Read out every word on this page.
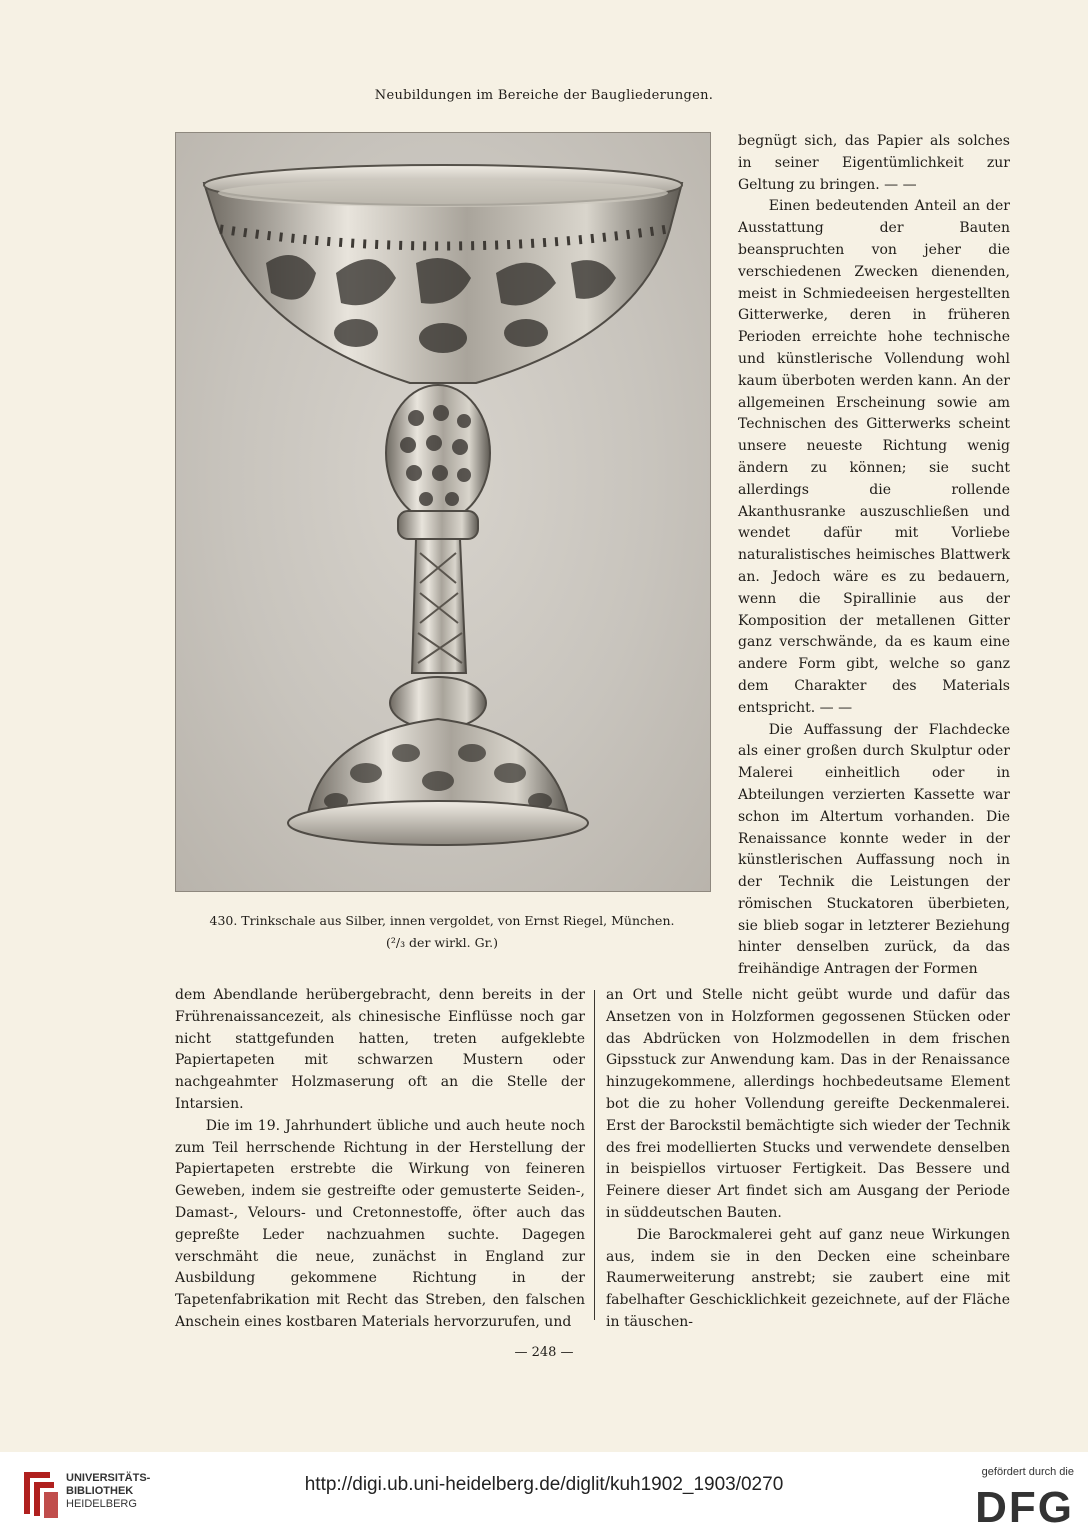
Neubildungen im Bereiche der Baugliederungen.
430. Trinkschale aus Silber, innen vergoldet, von Ernst Riegel, München.
(²/₃ der wirkl. Gr.)

begnügt sich, das Papier als solches in seiner Eigentümlichkeit zur Geltung zu bringen. — —

Einen bedeutenden Anteil an der Ausstattung der Bauten beanspruchten von jeher die verschiedenen Zwecken dienenden, meist in Schmiedeeisen hergestellten Gitterwerke, deren in früheren Perioden erreichte hohe technische und künstlerische Vollendung wohl kaum überboten werden kann. An der allgemeinen Erscheinung sowie am Technischen des Gitterwerks scheint unsere neueste Richtung wenig ändern zu können; sie sucht allerdings die rollende Akanthusranke auszuschließen und wendet dafür mit Vorliebe naturalistisches heimisches Blattwerk an. Jedoch wäre es zu bedauern, wenn die Spirallinie aus der Komposition der metallenen Gitter ganz verschwände, da es kaum eine andere Form gibt, welche so ganz dem Charakter des Materials entspricht. — —

Die Auffassung der Flachdecke als einer großen durch Skulptur oder Malerei einheitlich oder in Abteilungen verzierten Kassette war schon im Altertum vorhanden. Die Renaissance konnte weder in der künstlerischen Auffassung noch in der Technik die Leistungen der römischen Stuckatoren überbieten, sie blieb sogar in letzterer Beziehung hinter denselben zurück, da das freihändige Antragen der Formen

dem Abendlande herübergebracht, denn bereits in der Frührenaissancezeit, als chinesische Einflüsse noch gar nicht stattgefunden hatten, treten aufgeklebte Papiertapeten mit schwarzen Mustern oder nachgeahmter Holzmaserung oft an die Stelle der Intarsien.

Die im 19. Jahrhundert übliche und auch heute noch zum Teil herrschende Richtung in der Herstellung der Papiertapeten erstrebte die Wirkung von feineren Geweben, indem sie gestreifte oder gemusterte Seiden-, Damast-, Velours- und Cretonnestoffe, öfter auch das gepreßte Leder nachzuahmen suchte. Dagegen verschmäht die neue, zunächst in England zur Ausbildung gekommene Richtung in der Tapetenfabrikation mit Recht das Streben, den falschen Anschein eines kostbaren Materials hervorzurufen, und

an Ort und Stelle nicht geübt wurde und dafür das Ansetzen von in Holzformen gegossenen Stücken oder das Abdrücken von Holzmodellen in dem frischen Gipsstuck zur Anwendung kam. Das in der Renaissance hinzugekommene, allerdings hochbedeutsame Element bot die zu hoher Vollendung gereifte Deckenmalerei. Erst der Barockstil bemächtigte sich wieder der Technik des frei modellierten Stucks und verwendete denselben in beispiellos virtuoser Fertigkeit. Das Bessere und Feinere dieser Art findet sich am Ausgang der Periode in süddeutschen Bauten.

Die Barockmalerei geht auf ganz neue Wirkungen aus, indem sie in den Decken eine scheinbare Raumerweiterung anstrebt; sie zaubert eine mit fabelhafter Geschicklichkeit gezeichnete, auf der Fläche in täuschen-

— 248 —
UNIVERSITÄTS-
BIBLIOTHEK
HEIDELBERG
http://digi.ub.uni-heidelberg.de/diglit/kuh1902_1903/0270
gefördert durch die
DFG
